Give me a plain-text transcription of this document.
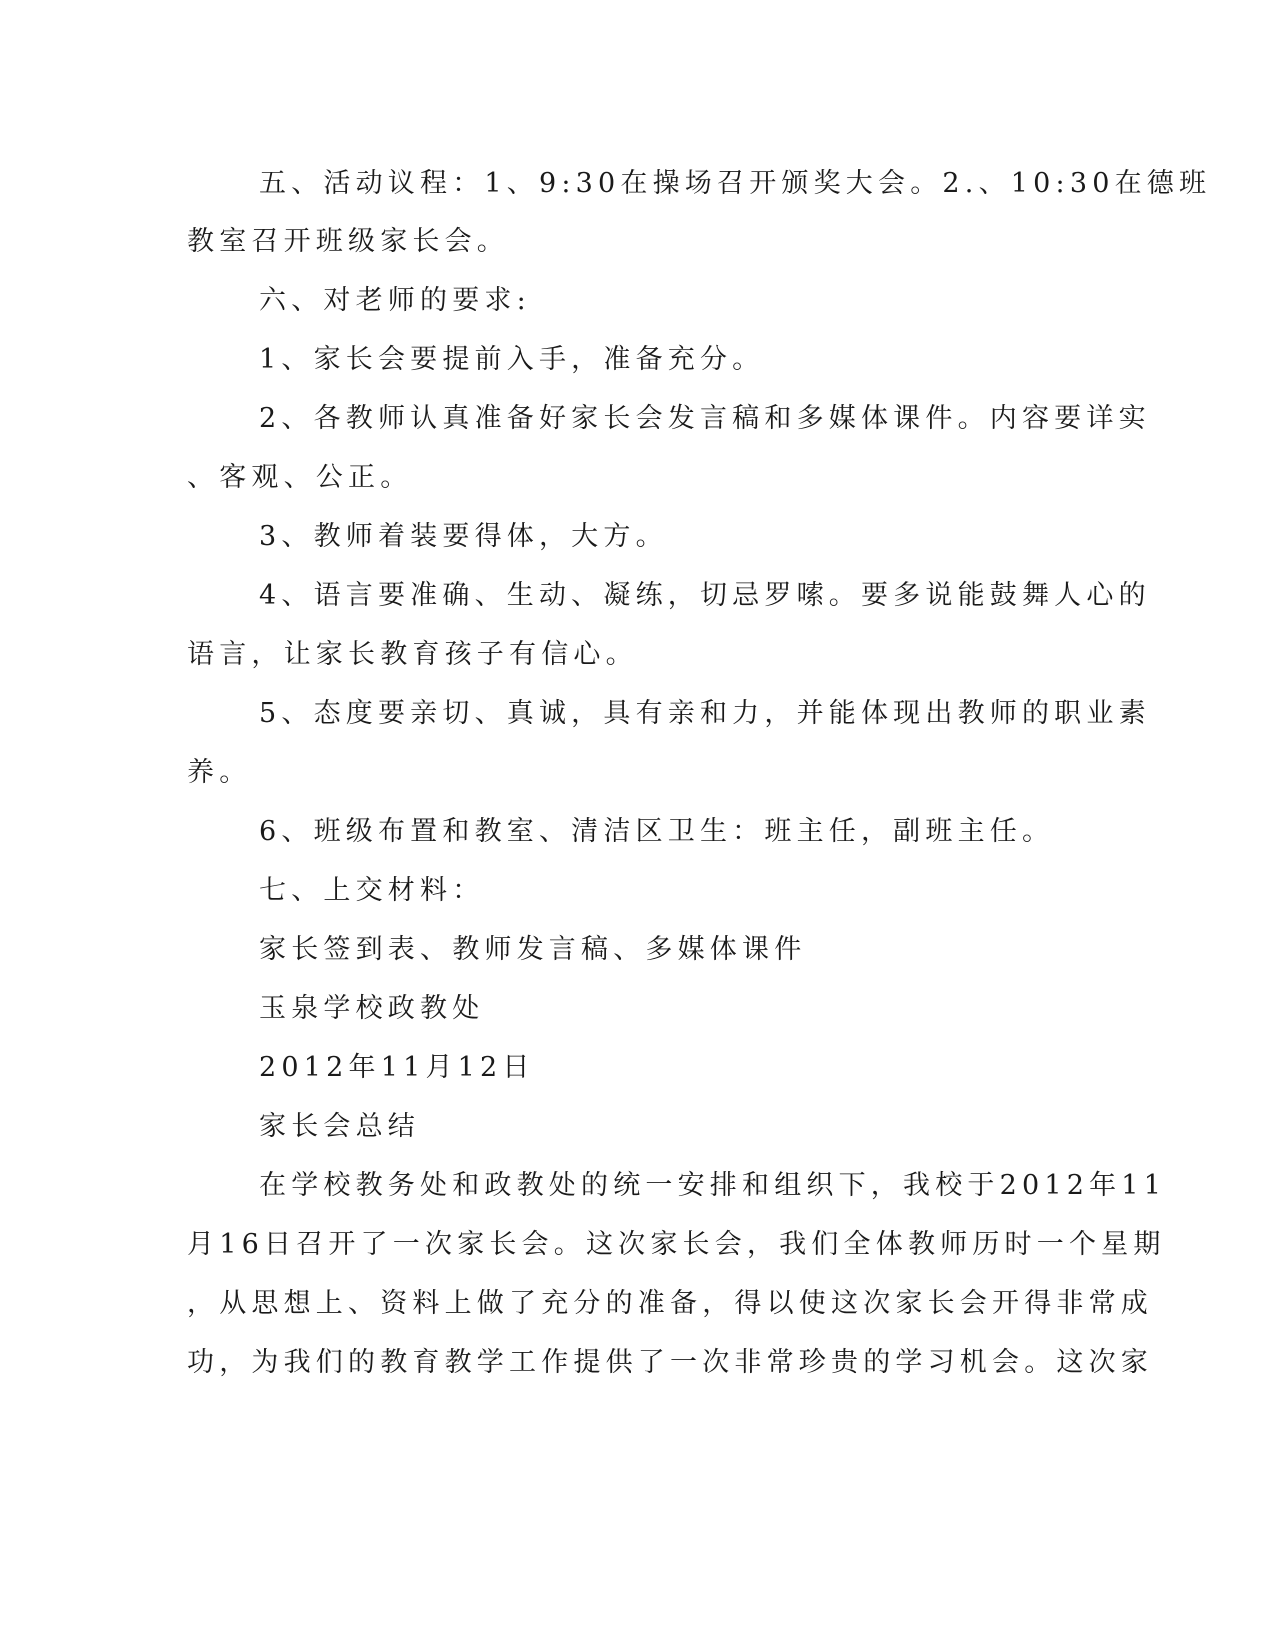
五、活动议程：1、9:30在操场召开颁奖大会。2.、10:30在德班
教室召开班级家长会。
六、对老师的要求:
1、家长会要提前入手，准备充分。
2、各教师认真准备好家长会发言稿和多媒体课件。内容要详实
、客观、公正。
3、教师着装要得体，大方。
4、语言要准确、生动、凝练，切忌罗嗦。要多说能鼓舞人心的
语言，让家长教育孩子有信心。
5、态度要亲切、真诚，具有亲和力，并能体现出教师的职业素
养。
6、班级布置和教室、清洁区卫生：班主任，副班主任。
七、上交材料：
家长签到表、教师发言稿、多媒体课件
玉泉学校政教处
2012年11月12日
家长会总结
在学校教务处和政教处的统一安排和组织下，我校于2012年11
月16日召开了一次家长会。这次家长会，我们全体教师历时一个星期
，从思想上、资料上做了充分的准备，得以使这次家长会开得非常成
功，为我们的教育教学工作提供了一次非常珍贵的学习机会。这次家
